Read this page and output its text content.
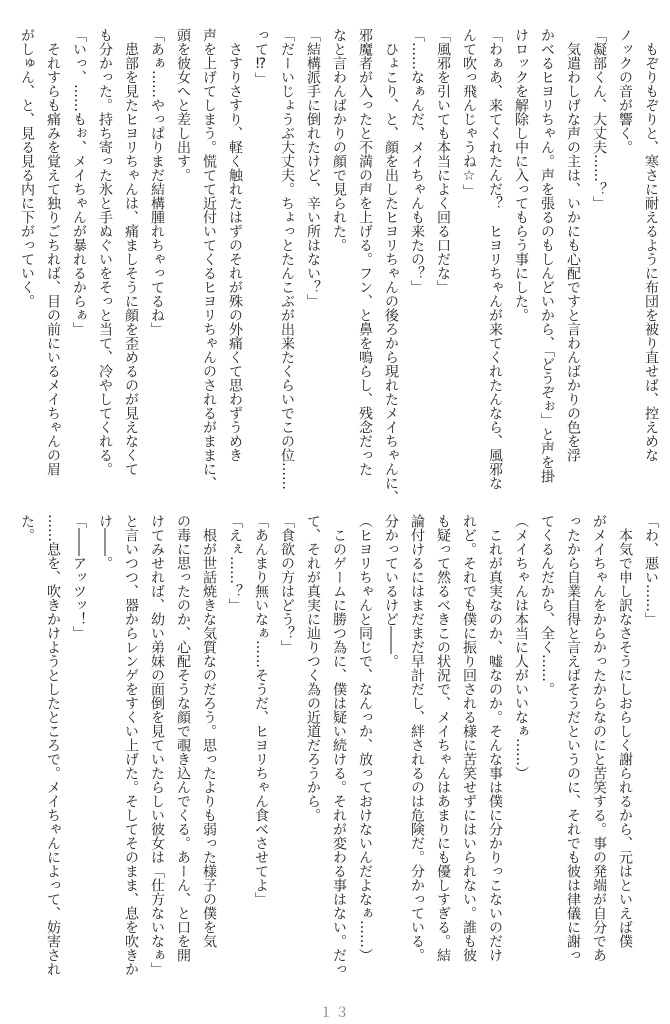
　もぞりもぞりと、寒さに耐えるように布団を被り直せば、控えめな
ノックの音が響く。
「凝部くん、大丈夫……？」
　気遣わしげな声の主は、いかにも心配ですと言わんばかりの色を浮
かべるヒヨリちゃん。声を張るのもしんどいから、「どうぞぉ」と声を掛
けロックを解除し中に入ってもらう事にした。
「わぁあ、来てくれたんだ？　ヒヨリちゃんが来てくれたんなら、風邪な
んて吹っ飛んじゃうね☆」
「風邪を引いても本当によく回る口だな」
「……なぁんだ、メイちゃんも来たの？」
　ひょこり、と、顔を出したヒヨリちゃんの後ろから現れたメイちゃんに、
邪魔者が入ったと不満の声を上げる。フン、と鼻を鳴らし、残念だった
なと言わんばかりの顔で見られた。
「結構派手に倒れたけど、辛い所はない？」
「だーいじょうぶ大丈夫。ちょっとたんこぶが出来たくらいでこの位……
って⁉」
　さすりさすり、軽く触れたはずのそれが殊の外痛くて思わずうめき
声を上げてしまう。慌てて近付いてくるヒヨリちゃんのされるがままに、
頭を彼女へと差し出す。
「あぁ……やっぱりまだ結構腫れちゃってるね」
　患部を見たヒヨリちゃんは、痛ましそうに顔を歪めるのが見えなくて
も分かった。持ち寄った氷と手ぬぐいをそっと当て、冷やしてくれる。
「いっ、……もぉ、メイちゃんが暴れるからぁ」
　それすらも痛みを覚えて独りごちれば、目の前にいるメイちゃんの眉
がしゅん、と、見る見る内に下がっていく。
「わ、悪い……」
　本気で申し訳なさそうにしおらしく謝られるから、元はといえば僕
がメイちゃんをからかったからなのにと苦笑する。事の発端が自分であ
ったから自業自得と言えばそうだというのに、それでも彼は律儀に謝っ
てくるんだから、全く……。
（メイちゃんは本当に人がいいなぁ……）
　これが真実なのか、嘘なのか。そんな事は僕に分かりっこないのだけ
れど。それでも僕に振り回される様に苦笑せずにはいられない。誰も彼
も疑って然るべきこの状況で、メイちゃんはあまりにも優しすぎる。結
論付けるにはまだまだ早計だし、絆されるのは危険だ。分かっている。
分かっているけど――。
（ヒヨリちゃんと同じで、なんっか、放っておけないんだよなぁ……）
　このゲームに勝つ為に、僕は疑い続ける。それが変わる事はない。だっ
て、それが真実に辿りつく為の近道だろうから。
「食欲の方はどう？」
「あんまり無いなぁ……そうだ、ヒヨリちゃん食べさせてよ」
「えぇ……？」
　根が世話焼きな気質なのだろう。思ったよりも弱った様子の僕を気
の毒に思ったのか、心配そうな顔で覗き込んでくる。あーん、と口を開
けてみせれば、幼い弟妹の面倒を見ていたらしい彼女は「仕方ないなぁ」
と言いつつ、器からレンゲをすくい上げた。そしてそのまま、息を吹きか
け――。
「――アッツッ！」
……息を、吹きかけようとしたところで。メイちゃんによって、妨害され
た。
１３
